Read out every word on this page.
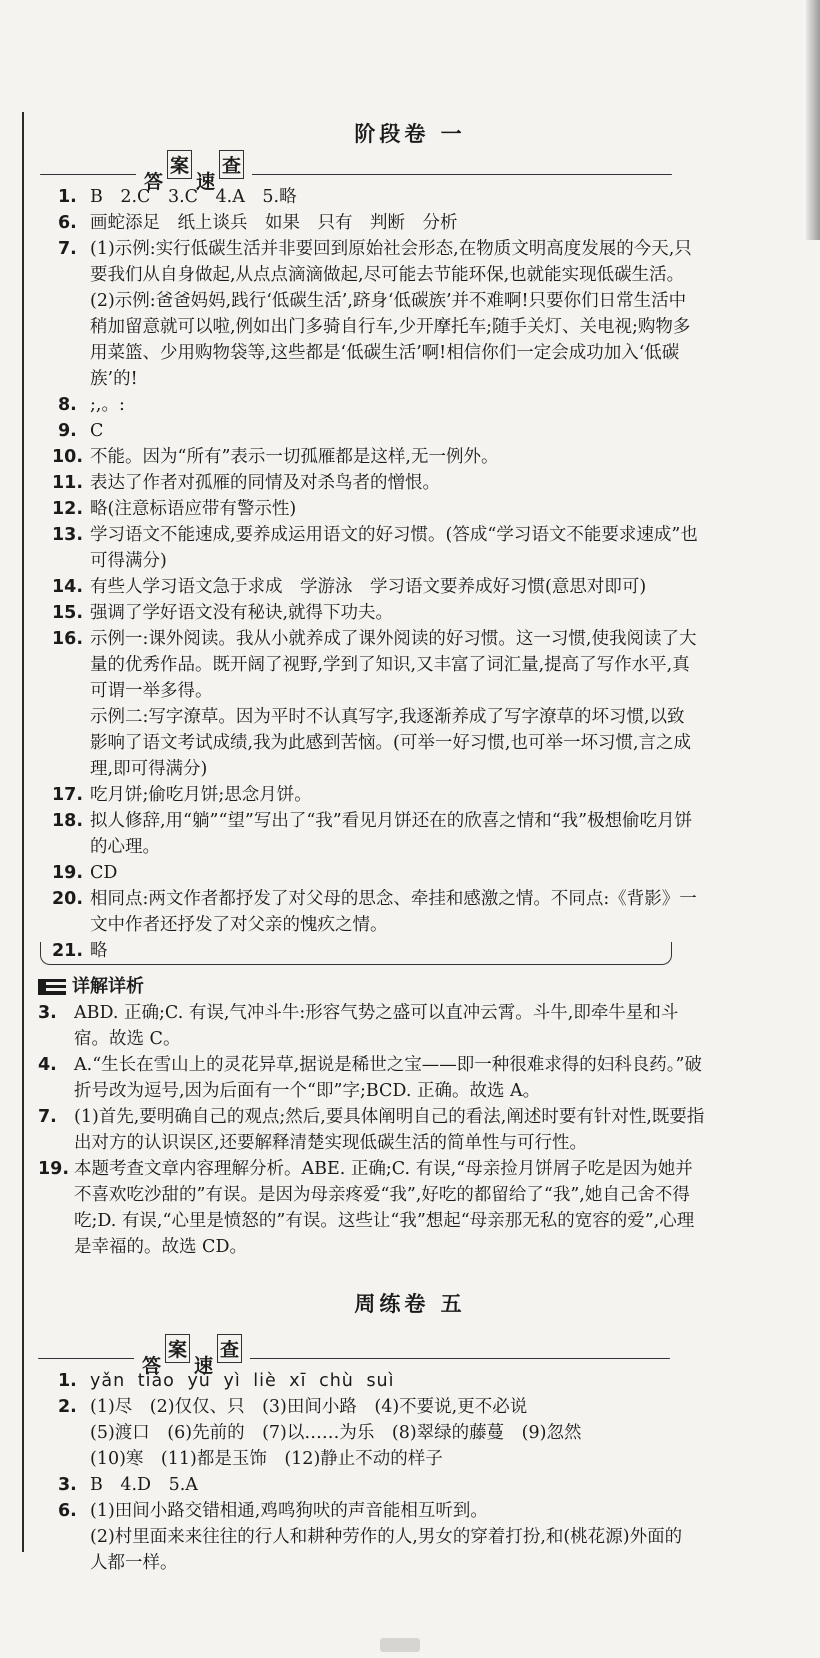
阶段卷 一
答案速查
1. B　2.C　3.C　4.A　5.略
6. 画蛇添足　纸上谈兵　如果　只有　判断　分析
7. (1)示例:实行低碳生活并非要回到原始社会形态,在物质文明高度发展的今天,只要我们从自身做起,从点点滴滴做起,尽可能去节能环保,也就能实现低碳生活。
(2)示例:爸爸妈妈,践行‘低碳生活’,跻身‘低碳族’并不难啊!只要你们日常生活中稍加留意就可以啦,例如出门多骑自行车,少开摩托车;随手关灯、关电视;购物多用菜篮、少用购物袋等,这些都是‘低碳生活’啊!相信你们一定会成功加入‘低碳族’的!
8. ;,。:
9. C
10. 不能。因为“所有”表示一切孤雁都是这样,无一例外。
11. 表达了作者对孤雁的同情及对杀鸟者的憎恨。
12. 略(注意标语应带有警示性)
13. 学习语文不能速成,要养成运用语文的好习惯。(答成“学习语文不能要求速成”也可得满分)
14. 有些人学习语文急于求成　学游泳　学习语文要养成好习惯(意思对即可)
15. 强调了学好语文没有秘诀,就得下功夫。
16. 示例一:课外阅读。我从小就养成了课外阅读的好习惯。这一习惯,使我阅读了大量的优秀作品。既开阔了视野,学到了知识,又丰富了词汇量,提高了写作水平,真可谓一举多得。
示例二:写字潦草。因为平时不认真写字,我逐渐养成了写字潦草的坏习惯,以致影响了语文考试成绩,我为此感到苦恼。(可举一好习惯,也可举一坏习惯,言之成理,即可得满分)
17. 吃月饼;偷吃月饼;思念月饼。
18. 拟人修辞,用“躺”“望”写出了“我”看见月饼还在的欣喜之情和“我”极想偷吃月饼的心理。
19. CD
20. 相同点:两文作者都抒发了对父母的思念、牵挂和感激之情。不同点:《背影》一文中作者还抒发了对父亲的愧疚之情。
21. 略
详解详析
3. ABD. 正确;C. 有误,气冲斗牛:形容气势之盛可以直冲云霄。斗牛,即牵牛星和斗宿。故选 C。
4. A.“生长在雪山上的灵花异草,据说是稀世之宝——即一种很难求得的妇科良药。”破折号改为逗号,因为后面有一个“即”字;BCD. 正确。故选 A。
7. (1)首先,要明确自己的观点;然后,要具体阐明自己的看法,阐述时要有针对性,既要指出对方的认识误区,还要解释清楚实现低碳生活的简单性与可行性。
19. 本题考查文章内容理解分析。ABE. 正确;C. 有误,“母亲捡月饼屑子吃是因为她并不喜欢吃沙甜的”有误。是因为母亲疼爱“我”,好吃的都留给了“我”,她自己舍不得吃;D. 有误,“心里是愤怒的”有误。这些让“我”想起“母亲那无私的宽容的爱”,心理是幸福的。故选 CD。
周练卷 五
答案速查
1. yǎn tiáo yù yì liè xī chù suì
2. (1)尽　(2)仅仅、只　(3)田间小路　(4)不要说,更不必说
(5)渡口　(6)先前的　(7)以……为乐　(8)翠绿的藤蔓　(9)忽然
(10)寒　(11)都是玉饰　(12)静止不动的样子
3. B　4.D　5.A
6. (1)田间小路交错相通,鸡鸣狗吠的声音能相互听到。
(2)村里面来来往往的行人和耕种劳作的人,男女的穿着打扮,和(桃花源)外面的人都一样。
